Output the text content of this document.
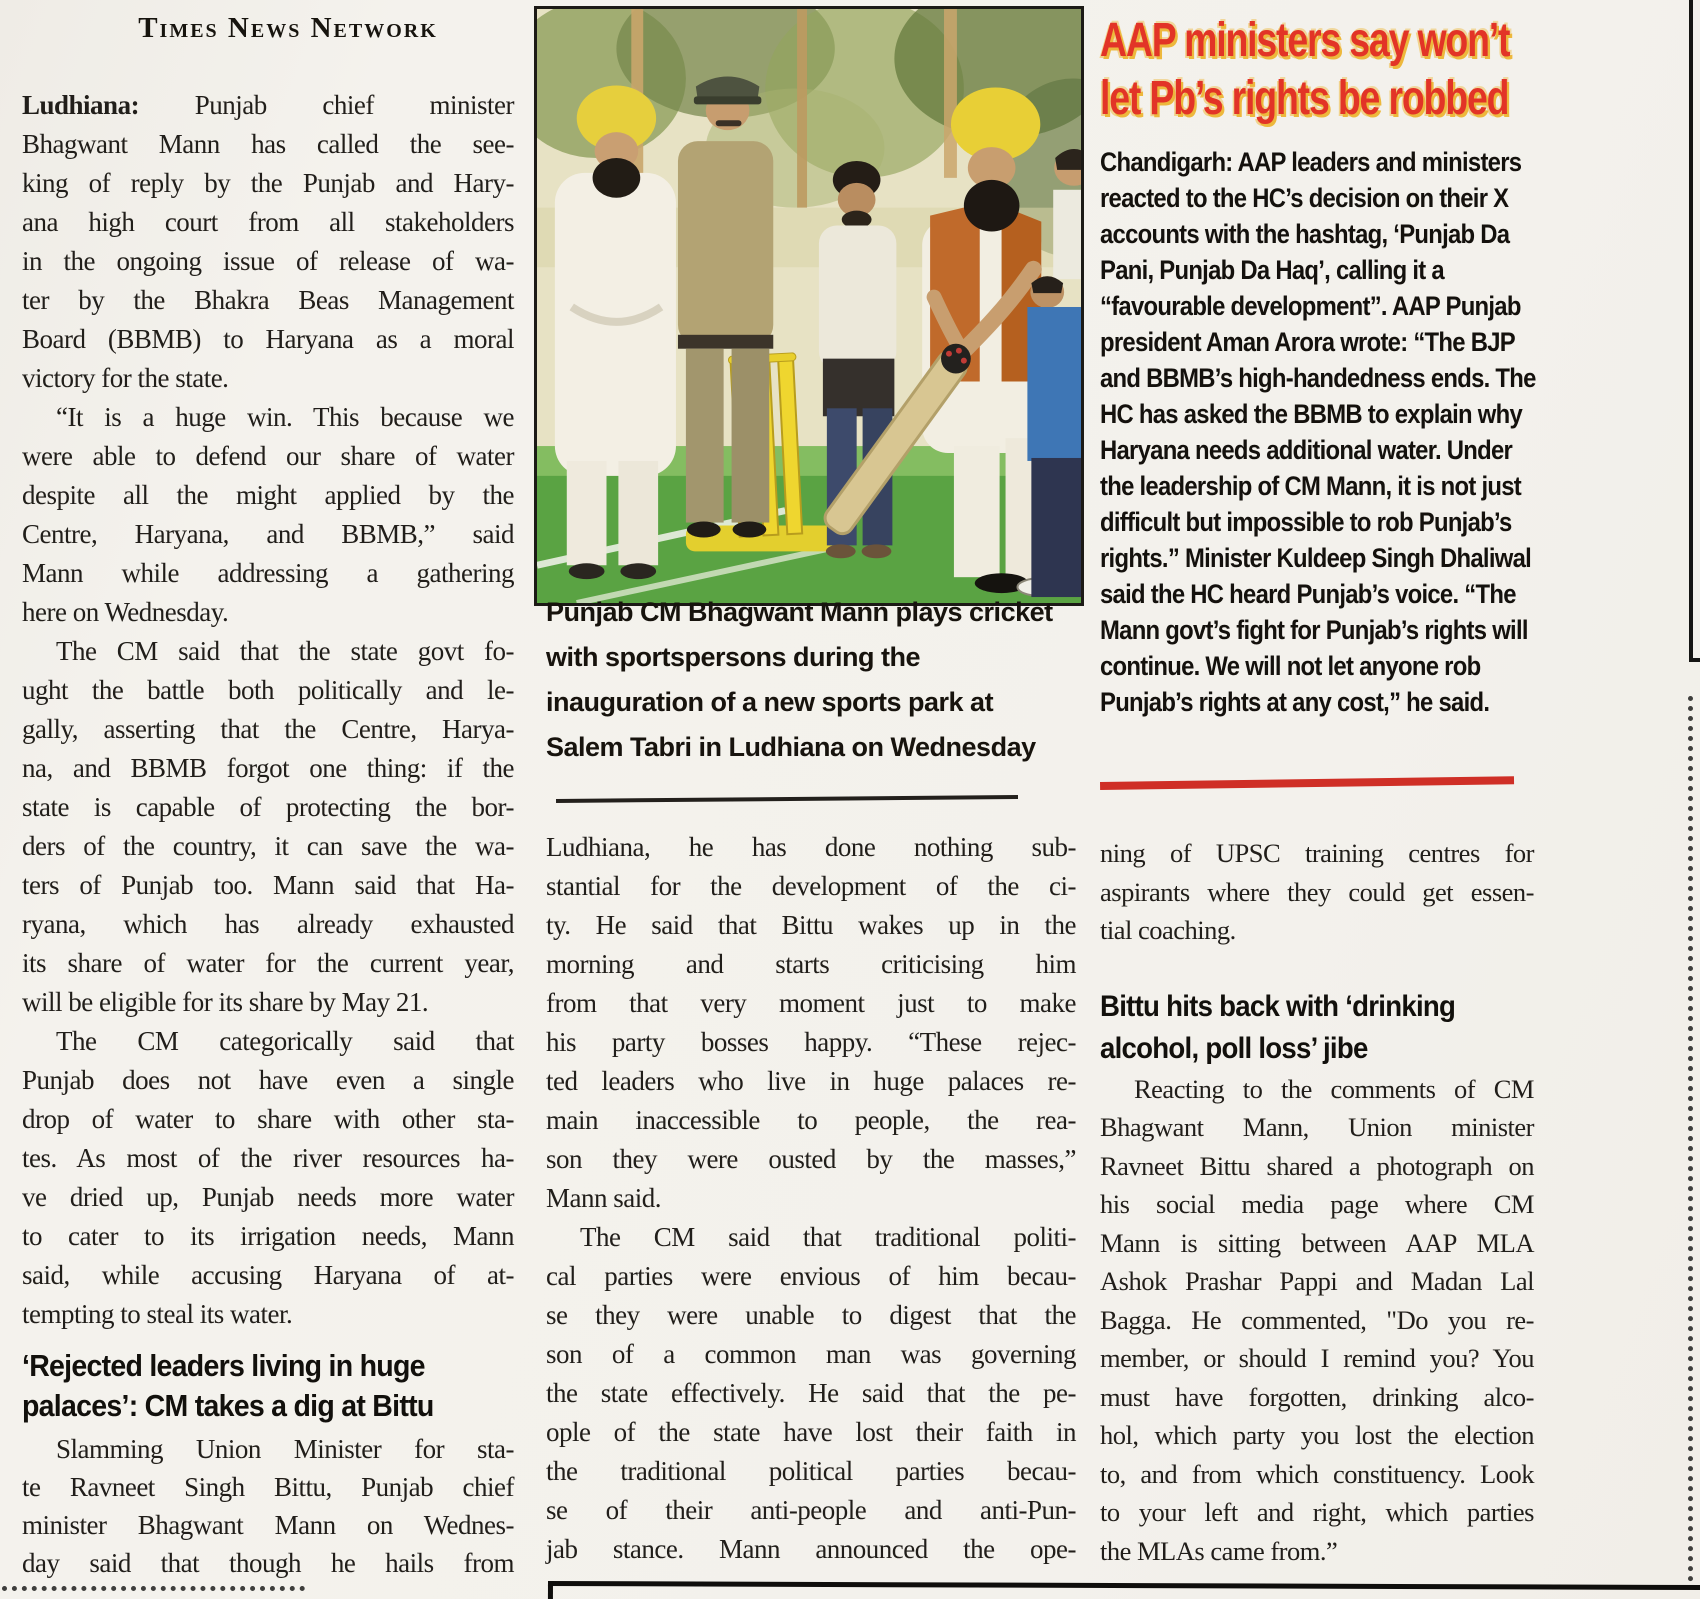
Times News Network
Ludhiana: Punjab chief minister
Bhagwant Mann has called the see-
king of reply by the Punjab and Hary-
ana high court from all stakeholders
in the ongoing issue of release of wa-
ter by the Bhakra Beas Management
Board (BBMB) to Haryana as a moral
victory for the state.
“It is a huge win. This because we
were able to defend our share of water
despite all the might applied by the
Centre, Haryana, and BBMB,” said
Mann while addressing a gathering
here on Wednesday.
The CM said that the state govt fo-
ught the battle both politically and le-
gally, asserting that the Centre, Harya-
na, and BBMB forgot one thing: if the
state is capable of protecting the bor-
ders of the country, it can save the wa-
ters of Punjab too. Mann said that Ha-
ryana, which has already exhausted
its share of water for the current year,
will be eligible for its share by May 21.
The CM categorically said that
Punjab does not have even a single
drop of water to share with other sta-
tes. As most of the river resources ha-
ve dried up, Punjab needs more water
to cater to its irrigation needs, Mann
said, while accusing Haryana of at-
tempting to steal its water.
‘Rejected leaders living in huge
palaces’: CM takes a dig at Bittu
Slamming Union Minister for sta-
te Ravneet Singh Bittu, Punjab chief
minister Bhagwant Mann on Wednes-
day said that though he hails from
Punjab CM Bhagwant Mann plays cricket
with sportspersons during the
inauguration of a new sports park at
Salem Tabri in Ludhiana on Wednesday
Ludhiana, he has done nothing sub-
stantial for the development of the ci-
ty. He said that Bittu wakes up in the
morning and starts criticising him
from that very moment just to make
his party bosses happy. “These rejec-
ted leaders who live in huge palaces re-
main inaccessible to people, the rea-
son they were ousted by the masses,”
Mann said.
The CM said that traditional politi-
cal parties were envious of him becau-
se they were unable to digest that the
son of a common man was governing
the state effectively. He said that the pe-
ople of the state have lost their faith in
the traditional political parties becau-
se of their anti-people and anti-Pun-
jab stance. Mann announced the ope-
AAP ministers say won’t
let Pb’s rights be robbed
Chandigarh: AAP leaders and ministers
reacted to the HC’s decision on their X
accounts with the hashtag, ‘Punjab Da
Pani, Punjab Da Haq’, calling it a
“favourable development”. AAP Punjab
president Aman Arora wrote: “The BJP
and BBMB’s high-handedness ends. The
HC has asked the BBMB to explain why
Haryana needs additional water. Under
the leadership of CM Mann, it is not just
difficult but impossible to rob Punjab’s
rights.” Minister Kuldeep Singh Dhaliwal
said the HC heard Punjab’s voice. “The
Mann govt’s fight for Punjab’s rights will
continue. We will not let anyone rob
Punjab’s rights at any cost,” he said.
ning of UPSC training centres for
aspirants where they could get essen-
tial coaching.
Bittu hits back with ‘drinking
alcohol, poll loss’ jibe
Reacting to the comments of CM
Bhagwant Mann, Union minister
Ravneet Bittu shared a photograph on
his social media page where CM
Mann is sitting between AAP MLA
Ashok Prashar Pappi and Madan Lal
Bagga. He commented, "Do you re-
member, or should I remind you? You
must have forgotten, drinking alco-
hol, which party you lost the election
to, and from which constituency. Look
to your left and right, which parties
the MLAs came from.”
